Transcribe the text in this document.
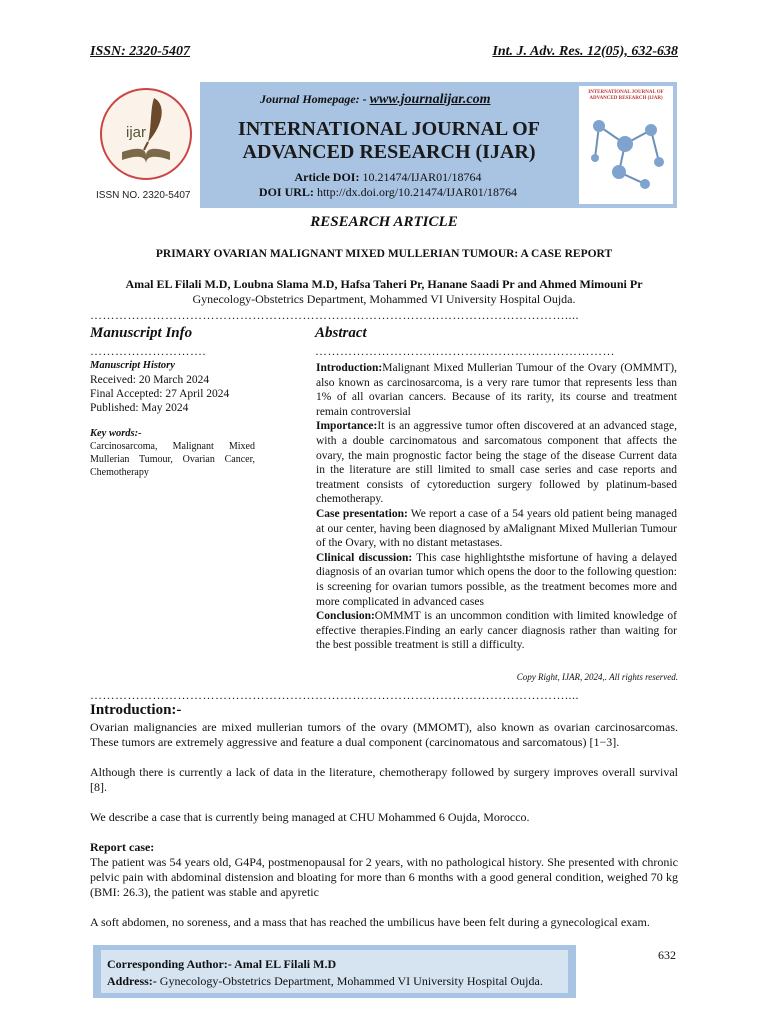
ISSN: 2320-5407	Int. J. Adv. Res. 12(05), 632-638
ijar
ISSN NO. 2320-5407
Journal Homepage: - www.journalijar.com
INTERNATIONAL JOURNAL OF
ADVANCED RESEARCH (IJAR)
Article DOI: 10.21474/IJAR01/18764
DOI URL: http://dx.doi.org/10.21474/IJAR01/18764
INTERNATIONAL JOURNAL OF ADVANCED RESEARCH (IJAR)
RESEARCH ARTICLE
PRIMARY OVARIAN MALIGNANT MIXED MULLERIAN TUMOUR: A CASE REPORT
Amal EL Filali M.D, Loubna Slama M.D, Hafsa Taheri Pr, Hanane Saadi Pr and Ahmed Mimouni Pr
Gynecology-Obstetrics Department, Mohammed VI University Hospital Oujda.
……………………………………………………………………………………………………....
Manuscript Info
……………………….
Abstract
………………………………………………………………
Manuscript History
Received: 20 March 2024
Final Accepted: 27 April 2024
Published: May 2024
Key words:-
Carcinosarcoma, Malignant Mixed Mullerian Tumour, Ovarian Cancer, Chemotherapy

Introduction:Malignant Mixed Mullerian Tumour of the Ovary (OMMMT), also known as carcinosarcoma, is a very rare tumor that represents less than 1% of all ovarian cancers. Because of its rarity, its course and treatment remain controversial

Importance:It is an aggressive tumor often discovered at an advanced stage, with a double carcinomatous and sarcomatous component that affects the ovary, the main prognostic factor being the stage of the disease Current data in the literature are still limited to small case series and case reports and treatment consists of cytoreduction surgery followed by platinum-based chemotherapy.

Case presentation: We report a case of a 54 years old patient being managed at our center, having been diagnosed by aMalignant Mixed Mullerian Tumour of the Ovary, with no distant metastases.

Clinical discussion: This case highlightsthe misfortune of having a delayed diagnosis of an ovarian tumor which opens the door to the following question: is screening for ovarian tumors possible, as the treatment becomes more and more complicated in advanced cases

Conclusion:OMMMT is an uncommon condition with limited knowledge of effective therapies.Finding an early cancer diagnosis rather than waiting for the best possible treatment is still a difficulty.

Copy Right, IJAR, 2024,. All rights reserved.
……………………………………………………………………………………………………....
Introduction:-

Ovarian malignancies are mixed mullerian tumors of the ovary (MMOMT), also known as ovarian carcinosarcomas. These tumors are extremely aggressive and feature a dual component (carcinomatous and sarcomatous) [1−3].

Although there is currently a lack of data in the literature, chemotherapy followed by surgery improves overall survival [8].

We describe a case that is currently being managed at CHU Mohammed 6 Oujda, Morocco.

Report case:

The patient was 54 years old, G4P4, postmenopausal for 2 years, with no pathological history. She presented with chronic pelvic pain with abdominal distension and bloating for more than 6 months with a good general condition, weighed 70 kg (BMI: 26.3), the patient was stable and apyretic

A soft abdomen, no soreness, and a mass that has reached the umbilicus have been felt during a gynecological exam.

632
Corresponding Author:- Amal EL Filali M.D
Address:- Gynecology-Obstetrics Department, Mohammed VI University Hospital Oujda.
